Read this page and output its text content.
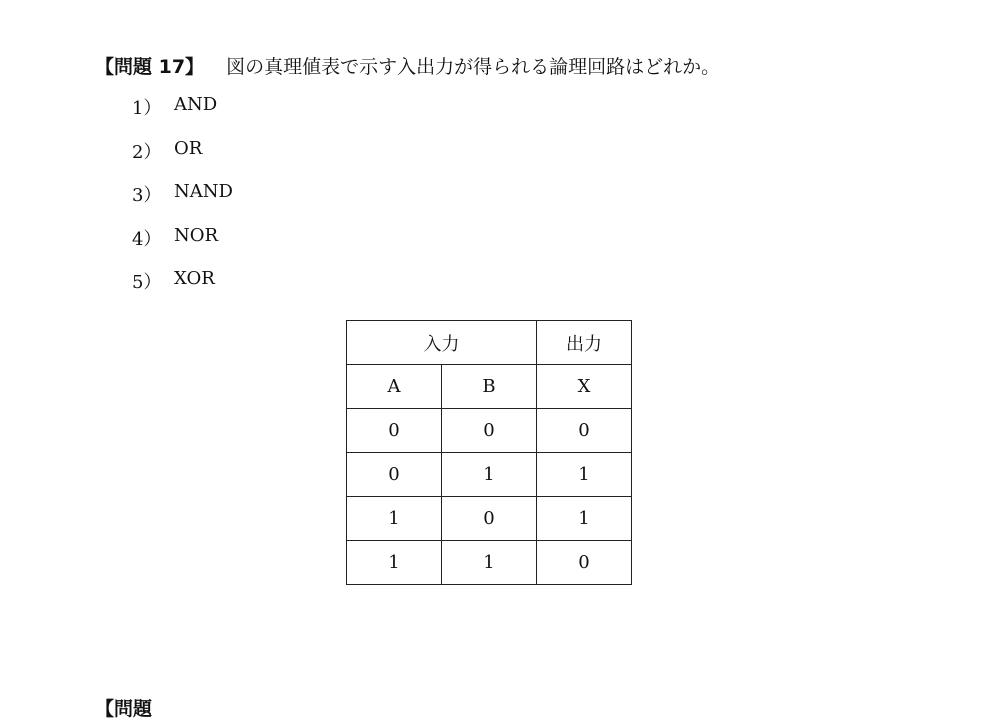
【問題 17】 図の真理値表で示す入出力が得られる論理回路はどれか。
1） AND
2） OR
3） NAND
4） NOR
5） XOR
入力		出力
A	B	X
0	0	0
0	1	1
1	0	1
1	1	0
【問題
